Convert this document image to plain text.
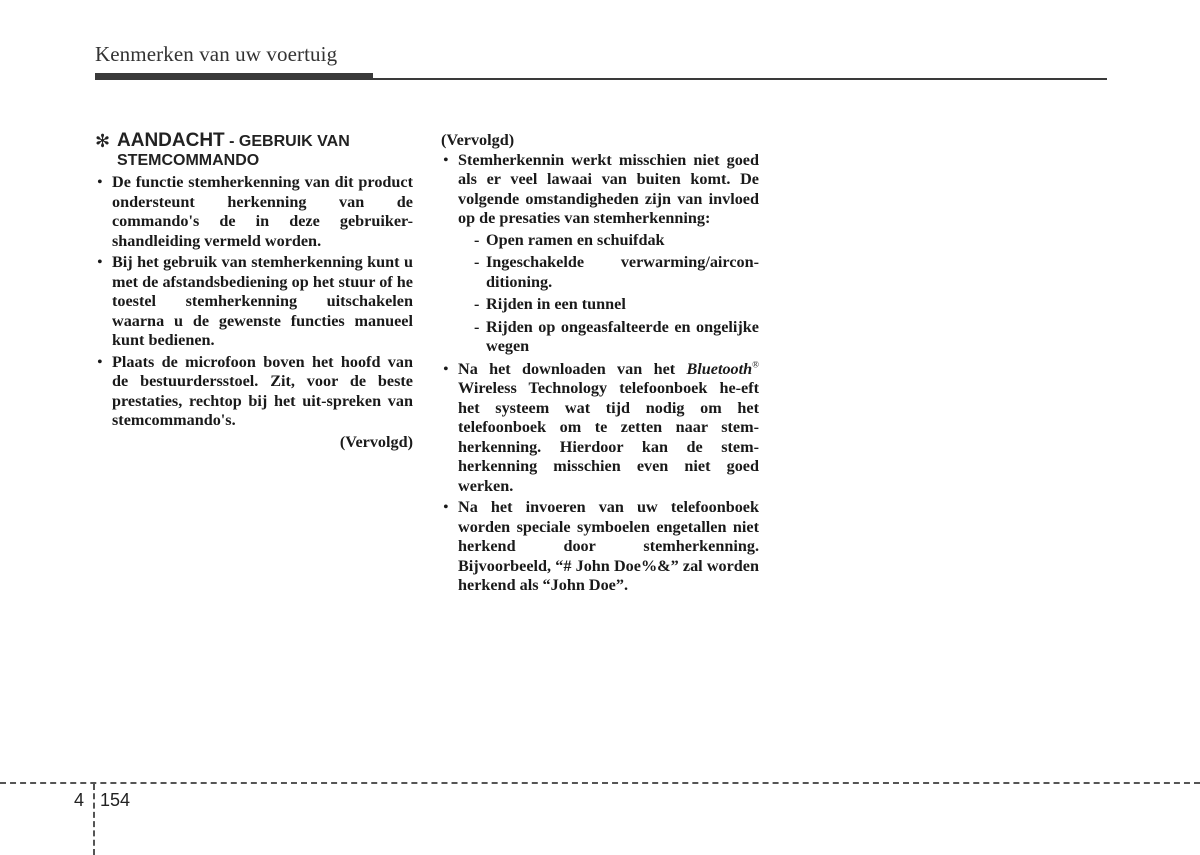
Kenmerken van uw voertuig
✻ AANDACHT - GEBRUIK VAN
STEMCOMMANDO
• De functie stemherkenning van dit product ondersteunt herkenning van de commando's de in deze gebruiker-shandleiding vermeld worden.
• Bij het gebruik van stemherkenning kunt u met de afstandsbediening op het stuur of he toestel stemherkenning uitschakelen waarna u de gewenste functies manueel kunt bedienen.
• Plaats de microfoon boven het hoofd van de bestuurdersstoel. Zit, voor de beste prestaties, rechtop bij het uit-spreken van stemcommando's.
(Vervolgd)
(Vervolgd)
• Stemherkennin werkt misschien niet goed als er veel lawaai van buiten komt. De volgende omstandigheden zijn van invloed op de presaties van stemherkenning:
- Open ramen en schuifdak
- Ingeschakelde verwarming/aircon-ditioning.
- Rijden in een tunnel
- Rijden op ongeasfalteerde en ongelijke wegen
• Na het downloaden van het Bluetooth® Wireless Technology telefoonboek he-eft het systeem wat tijd nodig om het telefoonboek om te zetten naar stem-herkenning. Hierdoor kan de stem-herkenning misschien even niet goed werken.
• Na het invoeren van uw telefoonboek worden speciale symboelen engetallen niet herkend door stemherkenning. Bijvoorbeeld, “# John Doe%&” zal worden herkend als “John Doe”.
4 154
